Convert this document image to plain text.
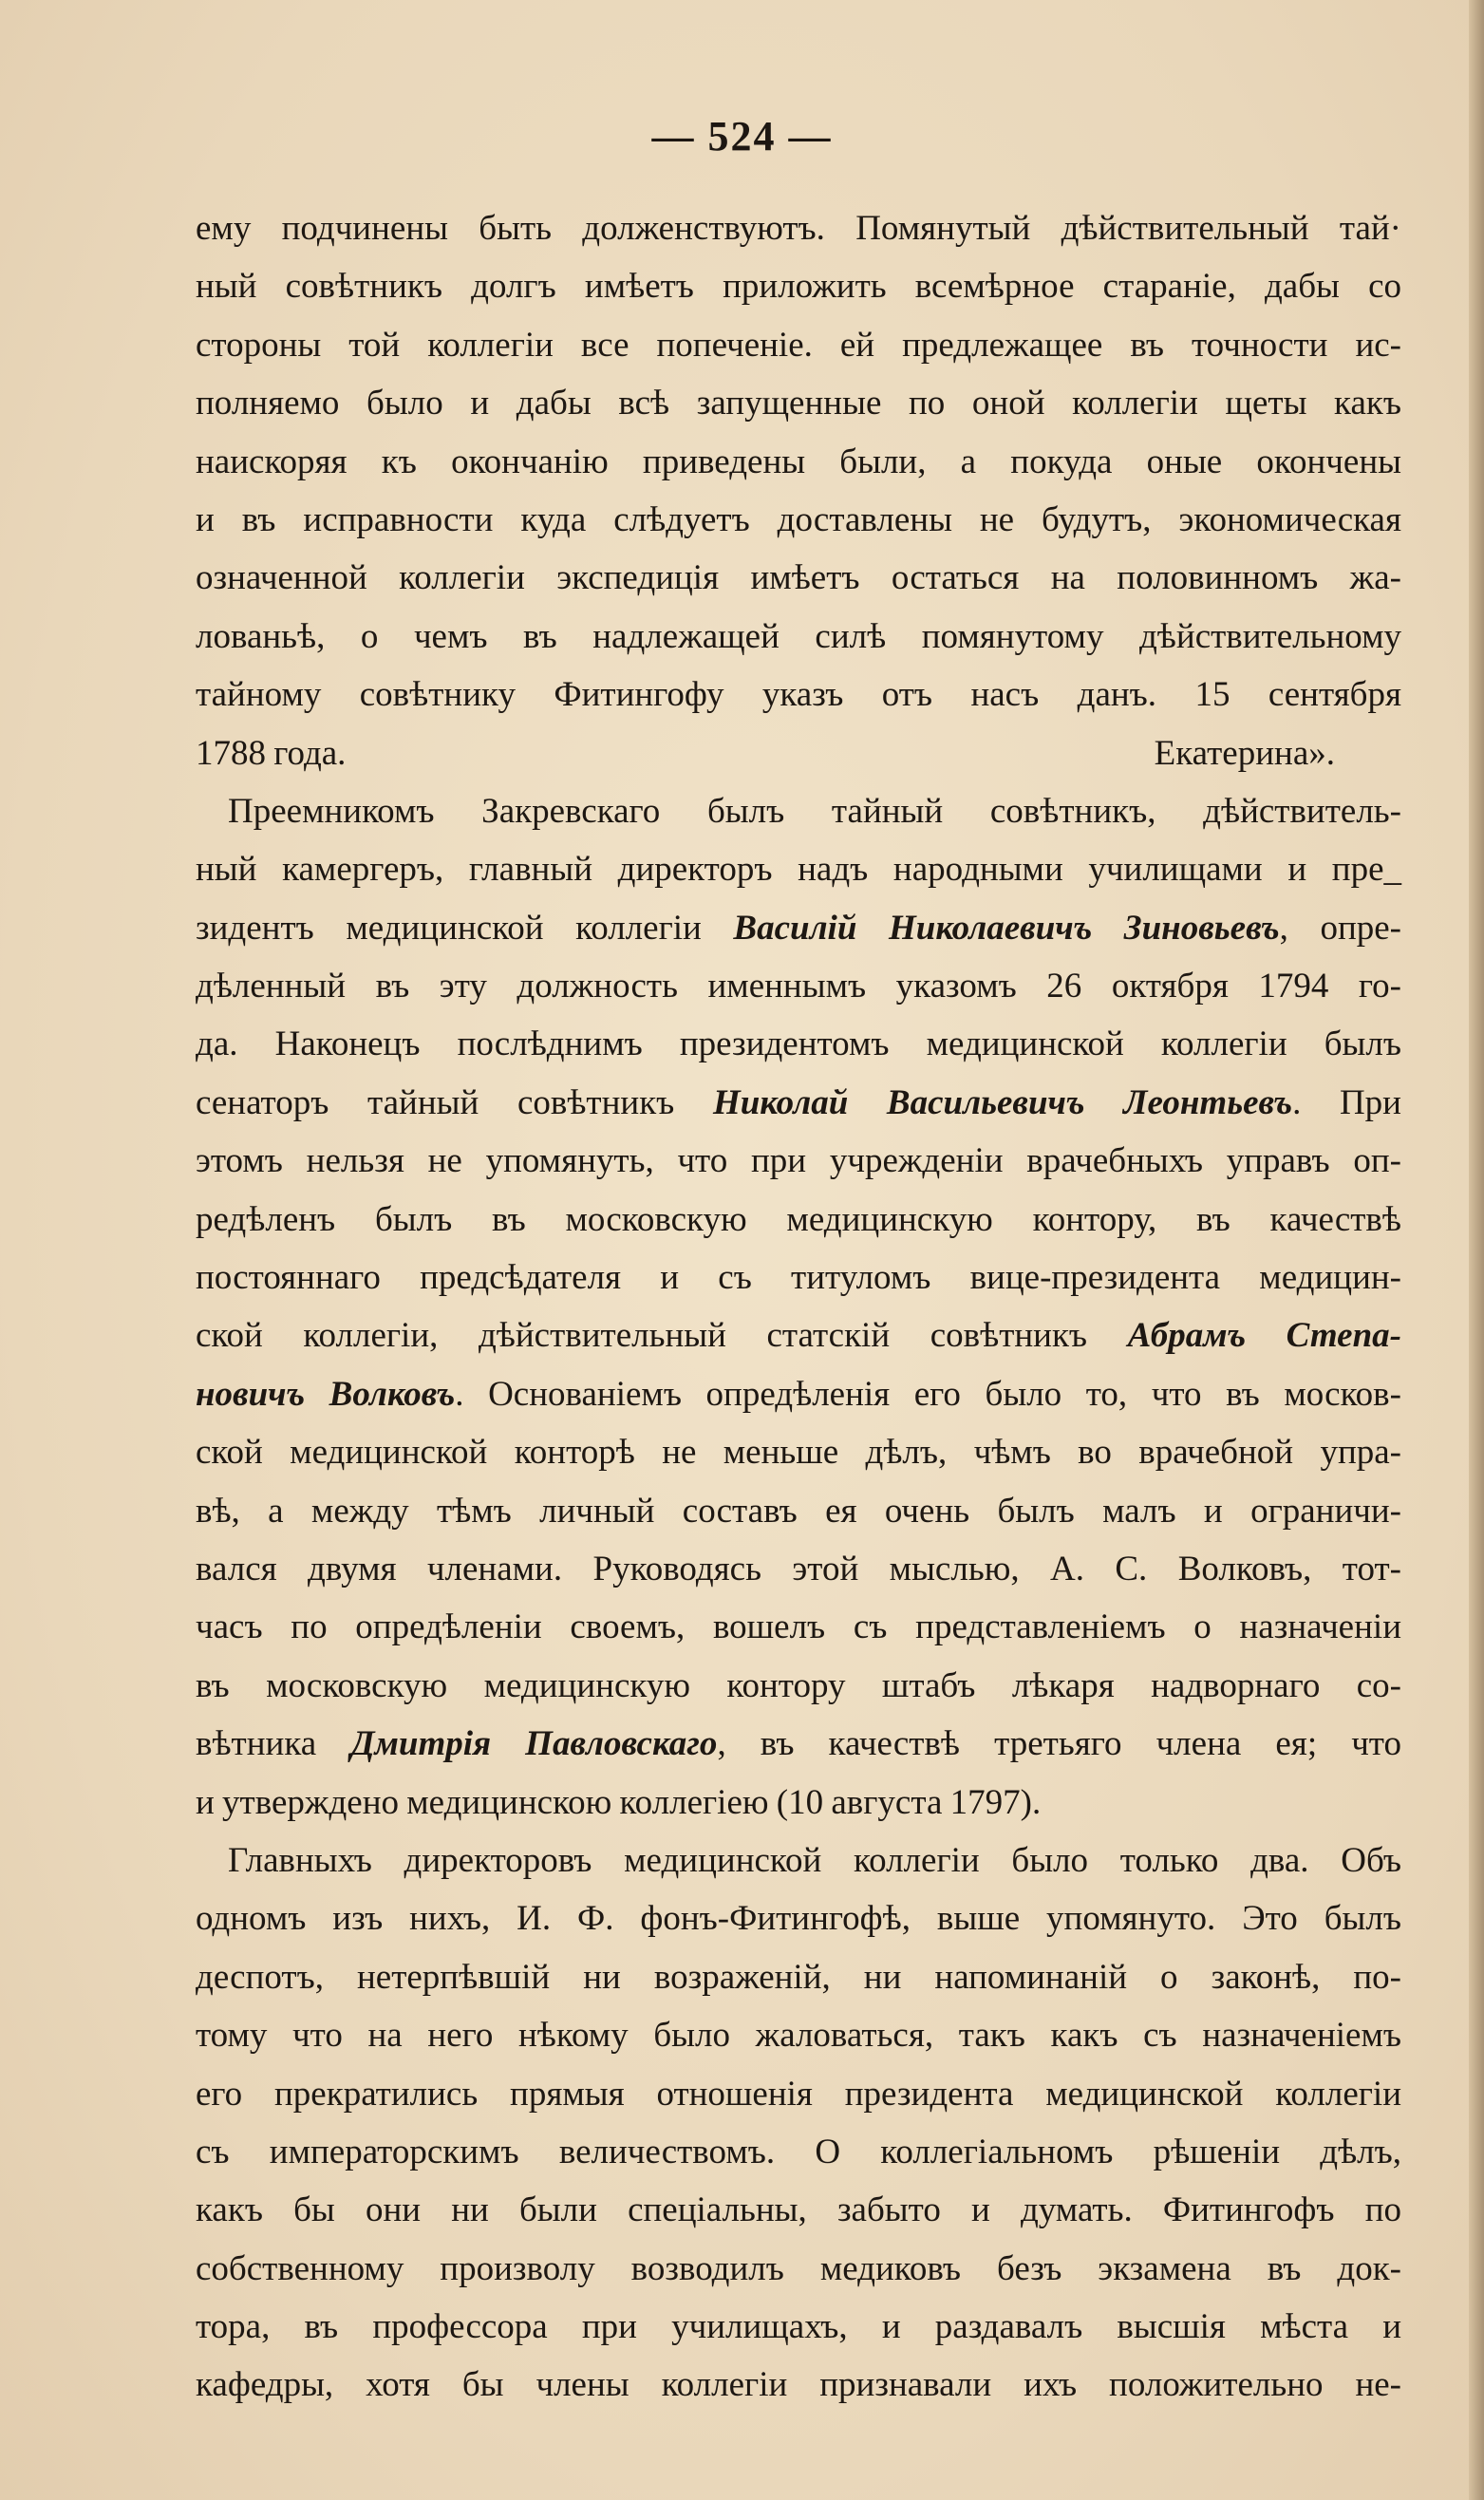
— 524 —
ему подчинены быть долженствуютъ. Помянутый дѣйствительный тай·
ный совѣтникъ долгъ имѣетъ приложить всемѣрное стараніе, дабы со
стороны той коллегіи все попеченіе. ей предлежащее въ точности ис-
полняемо было и дабы всѣ запущенные по оной коллегіи щеты какъ
наискоряя къ окончанію приведены были, а покуда оные окончены
и въ исправности куда слѣдуетъ доставлены не будутъ, экономическая
означенной коллегіи экспедиція имѣетъ остаться на половинномъ жа-
лованьѣ, о чемъ въ надлежащей силѣ помянутому дѣйствительному
тайному совѣтнику Фитингофу указъ отъ насъ данъ. 15 сентября
1788 года.	Екатерина».
Преемникомъ Закревскаго былъ тайный совѣтникъ, дѣйствитель-
ный камергеръ, главный директоръ надъ народными училищами и пре_
зидентъ медицинской коллегіи Василій Николаевичъ Зиновьевъ, опре-
дѣленный въ эту должность именнымъ указомъ 26 октября 1794 го-
да. Наконецъ послѣднимъ президентомъ медицинской коллегіи былъ
сенаторъ тайный совѣтникъ Николай Васильевичъ Леонтьевъ. При
этомъ нельзя не упомянуть, что при учрежденіи врачебныхъ управъ оп-
редѣленъ былъ въ московскую медицинскую контору, въ качествѣ
постояннаго предсѣдателя и съ титуломъ вице-президента медицин-
ской коллегіи, дѣйствительный статскій совѣтникъ Абрамъ Степа-
новичъ Волковъ. Основаніемъ опредѣленія его было то, что въ москов-
ской медицинской конторѣ не меньше дѣлъ, чѣмъ во врачебной упра-
вѣ, а между тѣмъ личный составъ ея очень былъ малъ и ограничи-
вался двумя членами. Руководясь этой мыслью, А. С. Волковъ, тот-
часъ по опредѣленіи своемъ, вошелъ съ представленіемъ о назначеніи
въ московскую медицинскую контору штабъ лѣкаря надворнаго со-
вѣтника Дмитрія Павловскаго, въ качествѣ третьяго члена ея; что
и утверждено медицинскою коллегіею (10 августа 1797).
Главныхъ директоровъ медицинской коллегіи было только два. Объ
одномъ изъ нихъ, И. Ф. фонъ-Фитингофѣ, выше упомянуто. Это былъ
деспотъ, нетерпѣвшій ни возраженій, ни напоминаній о законѣ, по-
тому что на него нѣкому было жаловаться, такъ какъ съ назначеніемъ
его прекратились прямыя отношенія президента медицинской коллегіи
съ императорскимъ величествомъ. О коллегіальномъ рѣшеніи дѣлъ,
какъ бы они ни были спеціальны, забыто и думать. Фитингофъ по
собственному произволу возводилъ медиковъ безъ экзамена въ док-
тора, въ профессора при училищахъ, и раздавалъ высшія мѣста и
кафедры, хотя бы члены коллегіи признавали ихъ положительно не-
